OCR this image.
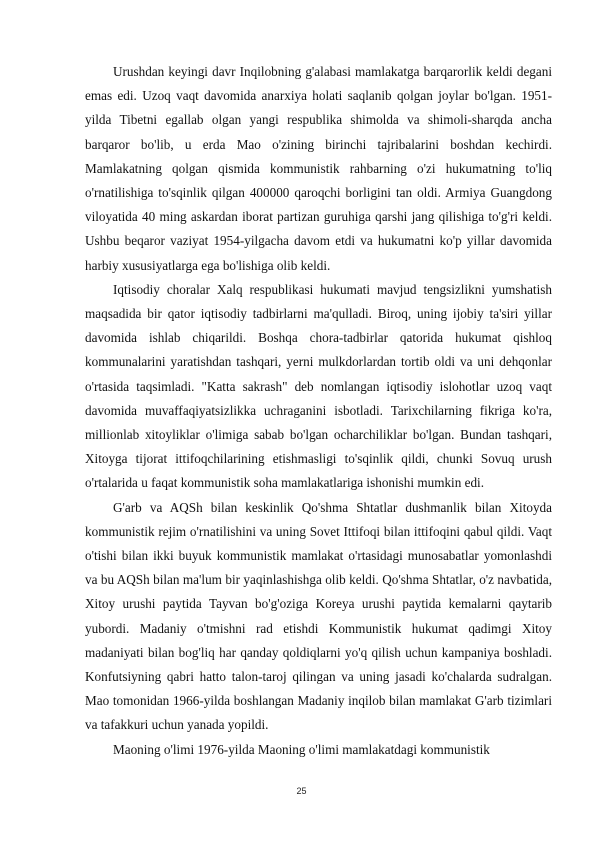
Urushdan keyingi davr Inqilobning g'alabasi mamlakatga barqarorlik keldi degani emas edi. Uzoq vaqt davomida anarxiya holati saqlanib qolgan joylar bo'lgan. 1951-yilda Tibetni egallab olgan yangi respublika shimolda va shimoli-sharqda ancha barqaror bo'lib, u erda Mao o'zining birinchi tajribalarini boshdan kechirdi. Mamlakatning qolgan qismida kommunistik rahbarning o'zi hukumatning to'liq o'rnatilishiga to'sqinlik qilgan 400000 qaroqchi borligini tan oldi. Armiya Guangdong viloyatida 40 ming askardan iborat partizan guruhiga qarshi jang qilishiga to'g'ri keldi. Ushbu beqaror vaziyat 1954-yilgacha davom etdi va hukumatni ko'p yillar davomida harbiy xususiyatlarga ega bo'lishiga olib keldi.

Iqtisodiy choralar Xalq respublikasi hukumati mavjud tengsizlikni yumshatish maqsadida bir qator iqtisodiy tadbirlarni ma'qulladi. Biroq, uning ijobiy ta'siri yillar davomida ishlab chiqarildi. Boshqa chora-tadbirlar qatorida hukumat qishloq kommunalarini yaratishdan tashqari, yerni mulkdorlardan tortib oldi va uni dehqonlar o'rtasida taqsimladi. "Katta sakrash" deb nomlangan iqtisodiy islohotlar uzoq vaqt davomida muvaffaqiyatsizlikka uchraganini isbotladi. Tarixchilarning fikriga ko'ra, millionlab xitoyliklar o'limiga sabab bo'lgan ocharchiliklar bo'lgan. Bundan tashqari, Xitoyga tijorat ittifoqchilarining etishmasligi to'sqinlik qildi, chunki Sovuq urush o'rtalarida u faqat kommunistik soha mamlakatlariga ishonishi mumkin edi.

G'arb va AQSh bilan keskinlik Qo'shma Shtatlar dushmanlik bilan Xitoyda kommunistik rejim o'rnatilishini va uning Sovet Ittifoqi bilan ittifoqini qabul qildi. Vaqt o'tishi bilan ikki buyuk kommunistik mamlakat o'rtasidagi munosabatlar yomonlashdi va bu AQSh bilan ma'lum bir yaqinlashishga olib keldi. Qo'shma Shtatlar, o'z navbatida, Xitoy urushi paytida Tayvan bo'g'oziga Koreya urushi paytida kemalarni qaytarib yubordi. Madaniy o'tmishni rad etishdi Kommunistik hukumat qadimgi Xitoy madaniyati bilan bog'liq har qanday qoldiqlarni yo'q qilish uchun kampaniya boshladi. Konfutsiyning qabri hatto talon-taroj qilingan va uning jasadi ko'chalarda sudralgan. Mao tomonidan 1966-yilda boshlangan Madaniy inqilob bilan mamlakat G'arb tizimlari va tafakkuri uchun yanada yopildi.

Maoning o'limi 1976-yilda Maoning o'limi mamlakatdagi kommunistik

25
